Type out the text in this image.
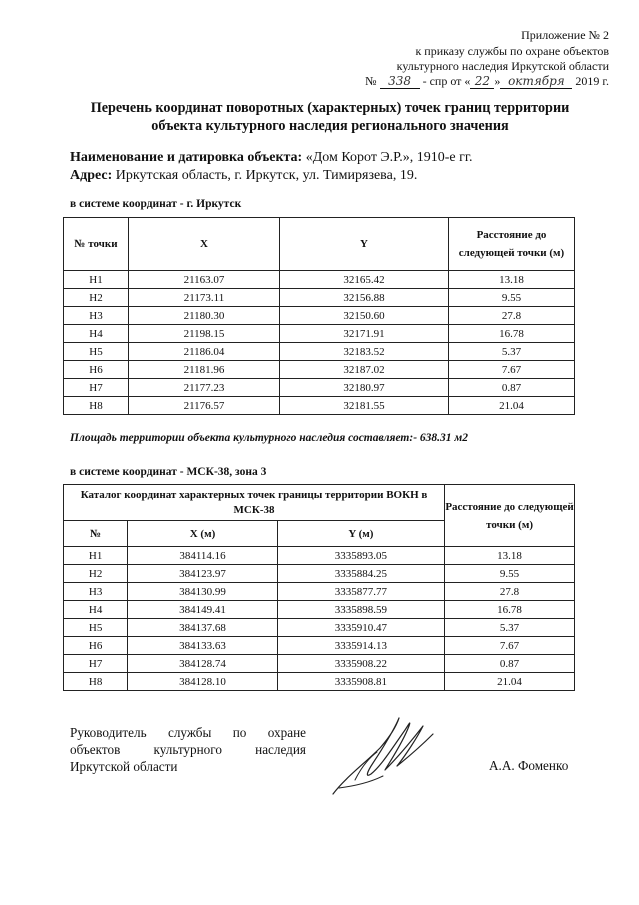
Приложение № 2
к приказу службы по охране объектов
культурного наследия Иркутской области
№ 338 - спр от « 22 » октября 2019 г.
Перечень координат поворотных (характерных) точек границ территории
объекта культурного наследия регионального значения
Наименование и датировка объекта: «Дом Корот Э.Р.», 1910-е гг.
Адрес: Иркутская область, г. Иркутск, ул. Тимирязева, 19.
в системе координат - г. Иркутск
№ точки	X	Y	Расстояние до следующей точки (м)
Н1	21163.07	32165.42	13.18
Н2	21173.11	32156.88	9.55
Н3	21180.30	32150.60	27.8
Н4	21198.15	32171.91	16.78
Н5	21186.04	32183.52	5.37
Н6	21181.96	32187.02	7.67
Н7	21177.23	32180.97	0.87
Н8	21176.57	32181.55	21.04
Площадь территории объекта культурного наследия составляет:- 638.31 м2
в системе координат - МСК-38, зона 3
Каталог координат характерных точек границы территории ВОКН в МСК-38			Расстояние до следующей точки (м)
№	X (м)	Y (м)	
Н1	384114.16	3335893.05	13.18
Н2	384123.97	3335884.25	9.55
Н3	384130.99	3335877.77	27.8
Н4	384149.41	3335898.59	16.78
Н5	384137.68	3335910.47	5.37
Н6	384133.63	3335914.13	7.67
Н7	384128.74	3335908.22	0.87
Н8	384128.10	3335908.81	21.04
Руководитель службы по охране
объектов культурного наследия
Иркутской области	А.А. Фоменко
